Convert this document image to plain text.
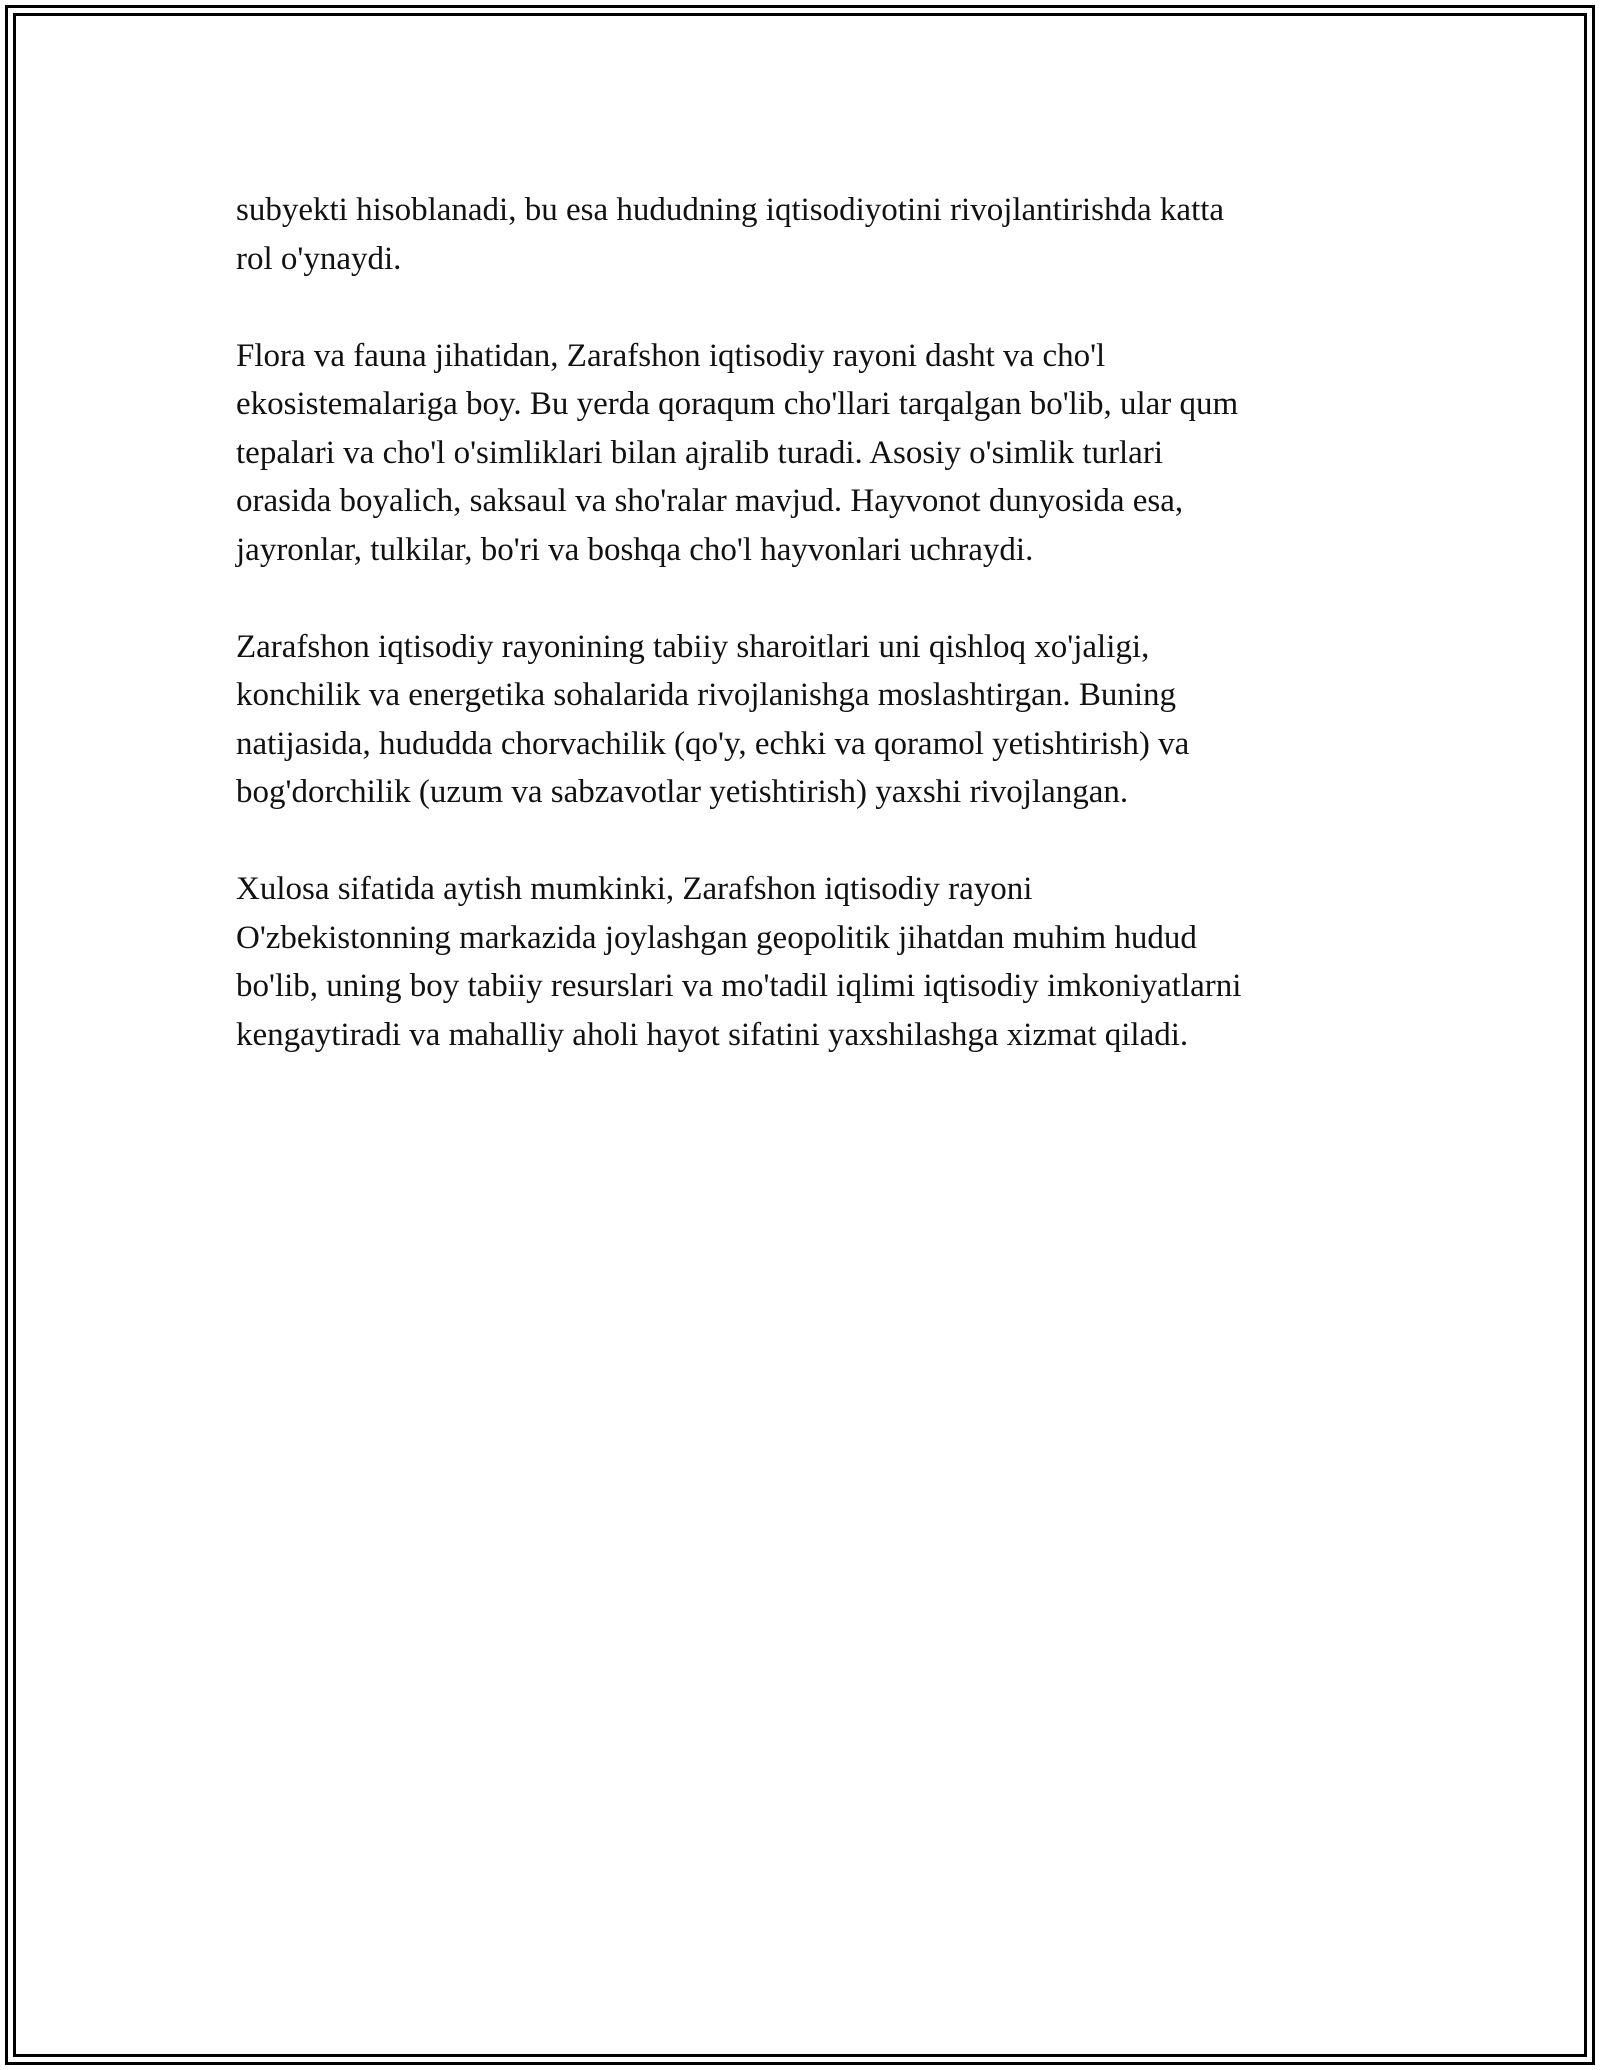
subyekti hisoblanadi, bu esa hududning iqtisodiyotini rivojlantirishda katta
rol o'ynaydi.

Flora va fauna jihatidan, Zarafshon iqtisodiy rayoni dasht va cho'l
ekosistemalariga boy. Bu yerda qoraqum cho'llari tarqalgan bo'lib, ular qum
tepalari va cho'l o'simliklari bilan ajralib turadi. Asosiy o'simlik turlari
orasida boyalich, saksaul va sho'ralar mavjud. Hayvonot dunyosida esa,
jayronlar, tulkilar, bo'ri va boshqa cho'l hayvonlari uchraydi.

Zarafshon iqtisodiy rayonining tabiiy sharoitlari uni qishloq xo'jaligi,
konchilik va energetika sohalarida rivojlanishga moslashtirgan. Buning
natijasida, hududda chorvachilik (qo'y, echki va qoramol yetishtirish) va
bog'dorchilik (uzum va sabzavotlar yetishtirish) yaxshi rivojlangan.

Xulosa sifatida aytish mumkinki, Zarafshon iqtisodiy rayoni
O'zbekistonning markazida joylashgan geopolitik jihatdan muhim hudud
bo'lib, uning boy tabiiy resurslari va mo'tadil iqlimi iqtisodiy imkoniyatlarni
kengaytiradi va mahalliy aholi hayot sifatini yaxshilashga xizmat qiladi.
